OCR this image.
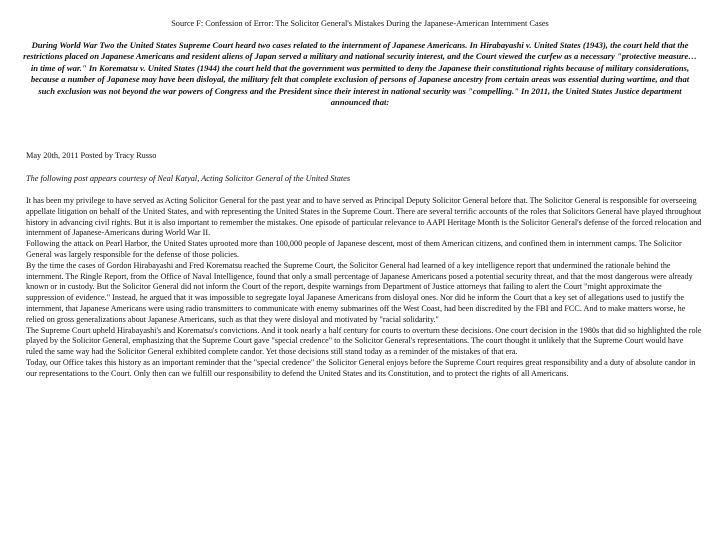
Source F: Confession of Error: The Solicitor General's Mistakes During the Japanese-American Internment Cases
During World War Two the United States Supreme Court heard two cases related to the internment of Japanese Americans. In Hirabayashi v. United States (1943), the court held that the restrictions placed on Japanese Americans and resident aliens of Japan served a military and national security interest, and the Court viewed the curfew as a necessary "protective measure…in time of war." In Korematsu v. United States (1944) the court held that the government was permitted to deny the Japanese their constitutional rights because of military considerations, because a number of Japanese may have been disloyal, the military felt that complete exclusion of persons of Japanese ancestry from certain areas was essential during wartime, and that such exclusion was not beyond the war powers of Congress and the President since their interest in national security was "compelling." In 2011, the United States Justice department announced that:
May 20th, 2011 Posted by Tracy Russo
The following post appears courtesy of Neal Katyal, Acting Solicitor General of the United States

It has been my privilege to have served as Acting Solicitor General for the past year and to have served as Principal Deputy Solicitor General before that. The Solicitor General is responsible for overseeing appellate litigation on behalf of the United States, and with representing the United States in the Supreme Court. There are several terrific accounts of the roles that Solicitors General have played throughout history in advancing civil rights. But it is also important to remember the mistakes. One episode of particular relevance to AAPI Heritage Month is the Solicitor General's defense of the forced relocation and internment of Japanese-Americans during World War II.

Following the attack on Pearl Harbor, the United States uprooted more than 100,000 people of Japanese descent, most of them American citizens, and confined them in internment camps. The Solicitor General was largely responsible for the defense of those policies.

By the time the cases of Gordon Hirabayashi and Fred Korematsu reached the Supreme Court, the Solicitor General had learned of a key intelligence report that undermined the rationale behind the internment. The Ringle Report, from the Office of Naval Intelligence, found that only a small percentage of Japanese Americans posed a potential security threat, and that the most dangerous were already known or in custody. But the Solicitor General did not inform the Court of the report, despite warnings from Department of Justice attorneys that failing to alert the Court "might approximate the suppression of evidence." Instead, he argued that it was impossible to segregate loyal Japanese Americans from disloyal ones. Nor did he inform the Court that a key set of allegations used to justify the internment, that Japanese Americans were using radio transmitters to communicate with enemy submarines off the West Coast, had been discredited by the FBI and FCC. And to make matters worse, he relied on gross generalizations about Japanese Americans, such as that they were disloyal and motivated by "racial solidarity."

The Supreme Court upheld Hirabayashi's and Korematsu's convictions. And it took nearly a half century for courts to overturn these decisions. One court decision in the 1980s that did so highlighted the role played by the Solicitor General, emphasizing that the Supreme Court gave "special credence" to the Solicitor General's representations. The court thought it unlikely that the Supreme Court would have ruled the same way had the Solicitor General exhibited complete candor. Yet those decisions still stand today as a reminder of the mistakes of that era.

Today, our Office takes this history as an important reminder that the "special credence" the Solicitor General enjoys before the Supreme Court requires great responsibility and a duty of absolute candor in our representations to the Court. Only then can we fulfill our responsibility to defend the United States and its Constitution, and to protect the rights of all Americans.
